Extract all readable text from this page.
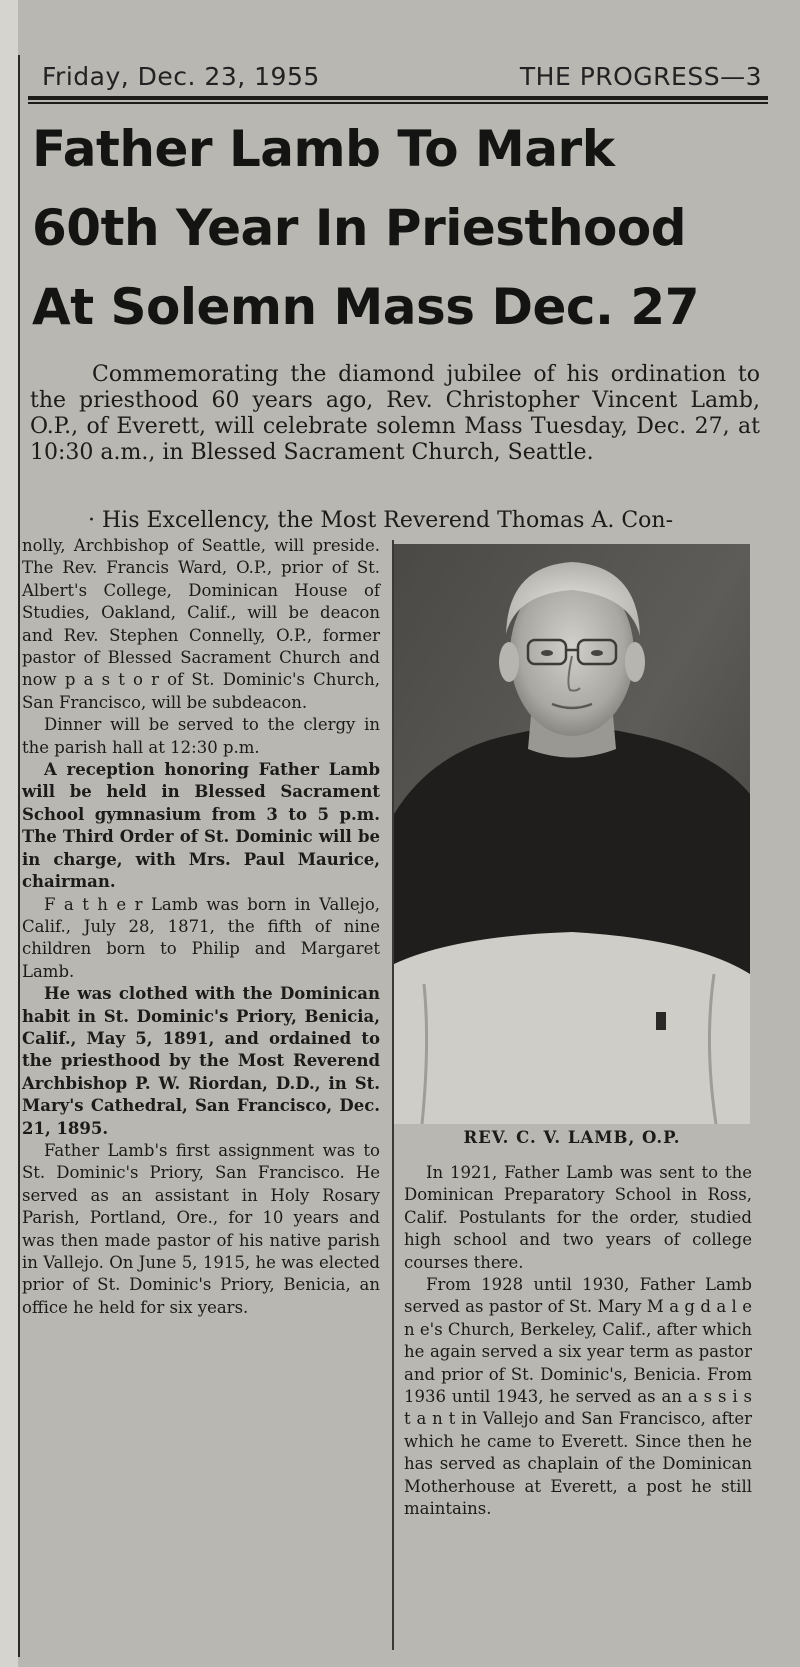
Friday, Dec. 23, 1955	THE PROGRESS—3
Father Lamb To Mark
60th Year In Priesthood
At Solemn Mass Dec. 27
Commemorating the diamond jubilee of his ordination to the priesthood 60 years ago, Rev. Christopher Vincent Lamb, O.P., of Everett, will celebrate solemn Mass Tuesday, Dec. 27, at 10:30 a.m., in Blessed Sacrament Church, Seattle.
· His Excellency, the Most Reverend Thomas A. Con-

nolly, Archbishop of Seattle, will preside. The Rev. Francis Ward, O.P., prior of St. Albert's College, Dominican House of Studies, Oakland, Calif., will be deacon and Rev. Stephen Connelly, O.P., former pastor of Blessed Sacrament Church and now p a s t o r of St. Dominic's Church, San Francisco, will be subdeacon.

Dinner will be served to the clergy in the parish hall at 12:30 p.m.

A reception honoring Father Lamb will be held in Blessed Sacrament School gymnasium from 3 to 5 p.m. The Third Order of St. Dominic will be in charge, with Mrs. Paul Maurice, chairman.

F a t h e r Lamb was born in Vallejo, Calif., July 28, 1871, the fifth of nine children born to Philip and Margaret Lamb.

He was clothed with the Dominican habit in St. Dominic's Priory, Benicia, Calif., May 5, 1891, and ordained to the priesthood by the Most Reverend Archbishop P. W. Riordan, D.D., in St. Mary's Cathedral, San Francisco, Dec. 21, 1895.

Father Lamb's first assignment was to St. Dominic's Priory, San Francisco. He served as an assistant in Holy Rosary Parish, Portland, Ore., for 10 years and was then made pastor of his native parish in Vallejo. On June 5, 1915, he was elected prior of St. Dominic's Priory, Benicia, an office he held for six years.

REV. C. V. LAMB, O.P.

In 1921, Father Lamb was sent to the Dominican Preparatory School in Ross, Calif. Postulants for the order, studied high school and two years of college courses there.

From 1928 until 1930, Father Lamb served as pastor of St. Mary M a g d a l e n e's Church, Berkeley, Calif., after which he again served a six year term as pastor and prior of St. Dominic's, Benicia. From 1936 until 1943, he served as an a s s i s t a n t in Vallejo and San Francisco, after which he came to Everett. Since then he has served as chaplain of the Dominican Motherhouse at Everett, a post he still maintains.
